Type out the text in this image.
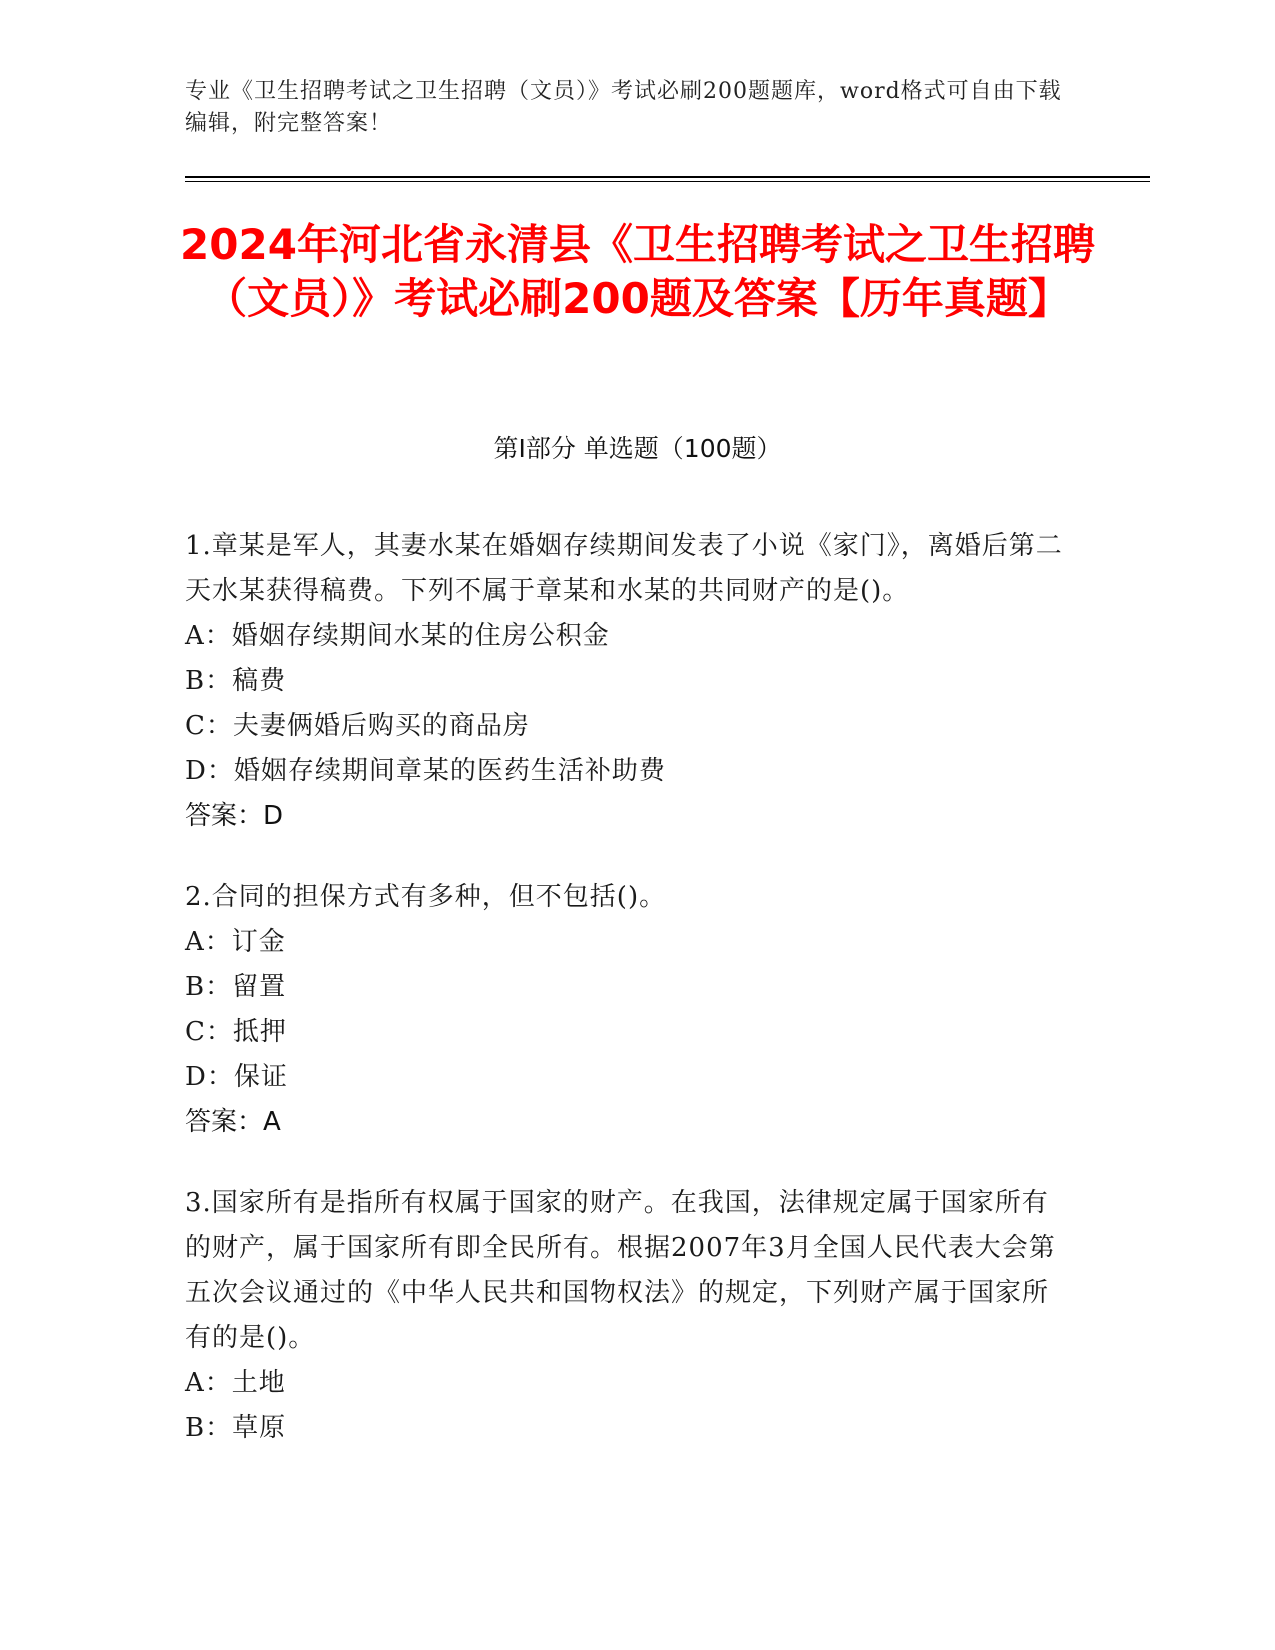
专业《卫生招聘考试之卫生招聘（文员）》考试必刷200题题库，word格式可自由下载编辑，附完整答案！
2024年河北省永清县《卫生招聘考试之卫生招聘（文员）》考试必刷200题及答案【历年真题】
第Ⅰ部分 单选题（100题）

1.章某是军人，其妻水某在婚姻存续期间发表了小说《家门》，离婚后第二天水某获得稿费。下列不属于章某和水某的共同财产的是()。

A：婚姻存续期间水某的住房公积金

B：稿费

C：夫妻俩婚后购买的商品房

D：婚姻存续期间章某的医药生活补助费

答案：D

2.合同的担保方式有多种，但不包括()。

A：订金

B：留置

C：抵押

D：保证

答案：A

3.国家所有是指所有权属于国家的财产。在我国，法律规定属于国家所有的财产，属于国家所有即全民所有。根据2007年3月全国人民代表大会第五次会议通过的《中华人民共和国物权法》的规定，下列财产属于国家所有的是()。

A：土地

B：草原
